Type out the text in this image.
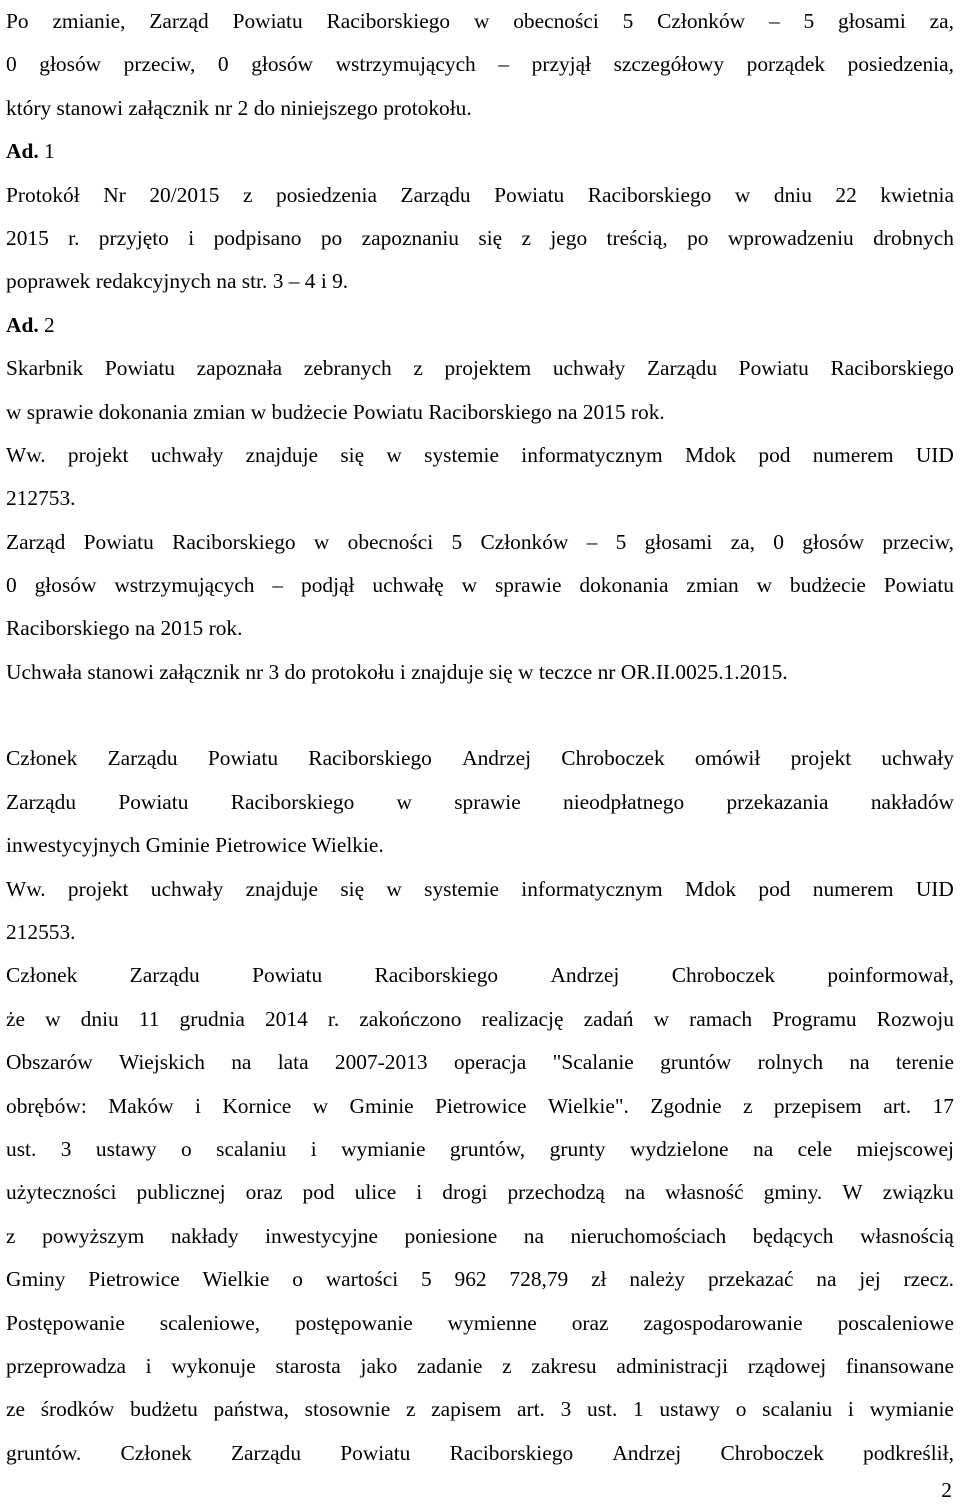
Po zmianie, Zarząd Powiatu Raciborskiego w obecności 5 Członków – 5 głosami za,
0 głosów przeciw, 0 głosów wstrzymujących – przyjął szczegółowy porządek posiedzenia,
który stanowi załącznik nr 2 do niniejszego protokołu.
Ad. 1
Protokół Nr 20/2015 z posiedzenia Zarządu Powiatu Raciborskiego w dniu 22 kwietnia
2015 r. przyjęto i podpisano po zapoznaniu się z jego treścią, po wprowadzeniu drobnych
poprawek redakcyjnych na str. 3 – 4 i 9.
Ad. 2
Skarbnik Powiatu zapoznała zebranych z projektem uchwały Zarządu Powiatu Raciborskiego
w sprawie dokonania zmian w budżecie Powiatu Raciborskiego na 2015 rok.
Ww. projekt uchwały znajduje się w systemie informatycznym Mdok pod numerem UID
212753.
Zarząd Powiatu Raciborskiego w obecności 5 Członków – 5 głosami za, 0 głosów przeciw,
0 głosów wstrzymujących – podjął uchwałę w sprawie dokonania zmian w budżecie Powiatu
Raciborskiego na 2015 rok.
Uchwała stanowi załącznik nr 3 do protokołu i znajduje się w teczce nr OR.II.0025.1.2015.
Członek Zarządu Powiatu Raciborskiego Andrzej Chroboczek omówił projekt uchwały
Zarządu Powiatu Raciborskiego w sprawie nieodpłatnego przekazania nakładów
inwestycyjnych Gminie Pietrowice Wielkie.
Ww. projekt uchwały znajduje się w systemie informatycznym Mdok pod numerem UID
212553.
Członek Zarządu Powiatu Raciborskiego Andrzej Chroboczek poinformował,
że w dniu 11 grudnia 2014 r. zakończono realizację zadań w ramach Programu Rozwoju
Obszarów Wiejskich na lata 2007-2013 operacja "Scalanie gruntów rolnych na terenie
obrębów: Maków i Kornice w Gminie Pietrowice Wielkie". Zgodnie z przepisem art. 17
ust. 3 ustawy o scalaniu i wymianie gruntów, grunty wydzielone na cele miejscowej
użyteczności publicznej oraz pod ulice i drogi przechodzą na własność gminy. W związku
z powyższym nakłady inwestycyjne poniesione na nieruchomościach będących własnością
Gminy Pietrowice Wielkie o wartości 5 962 728,79 zł należy przekazać na jej rzecz.
Postępowanie scaleniowe, postępowanie wymienne oraz zagospodarowanie poscaleniowe
przeprowadza i wykonuje starosta jako zadanie z zakresu administracji rządowej finansowane
ze środków budżetu państwa, stosownie z zapisem art. 3 ust. 1 ustawy o scalaniu i wymianie
gruntów. Członek Zarządu Powiatu Raciborskiego Andrzej Chroboczek podkreślił,
2
